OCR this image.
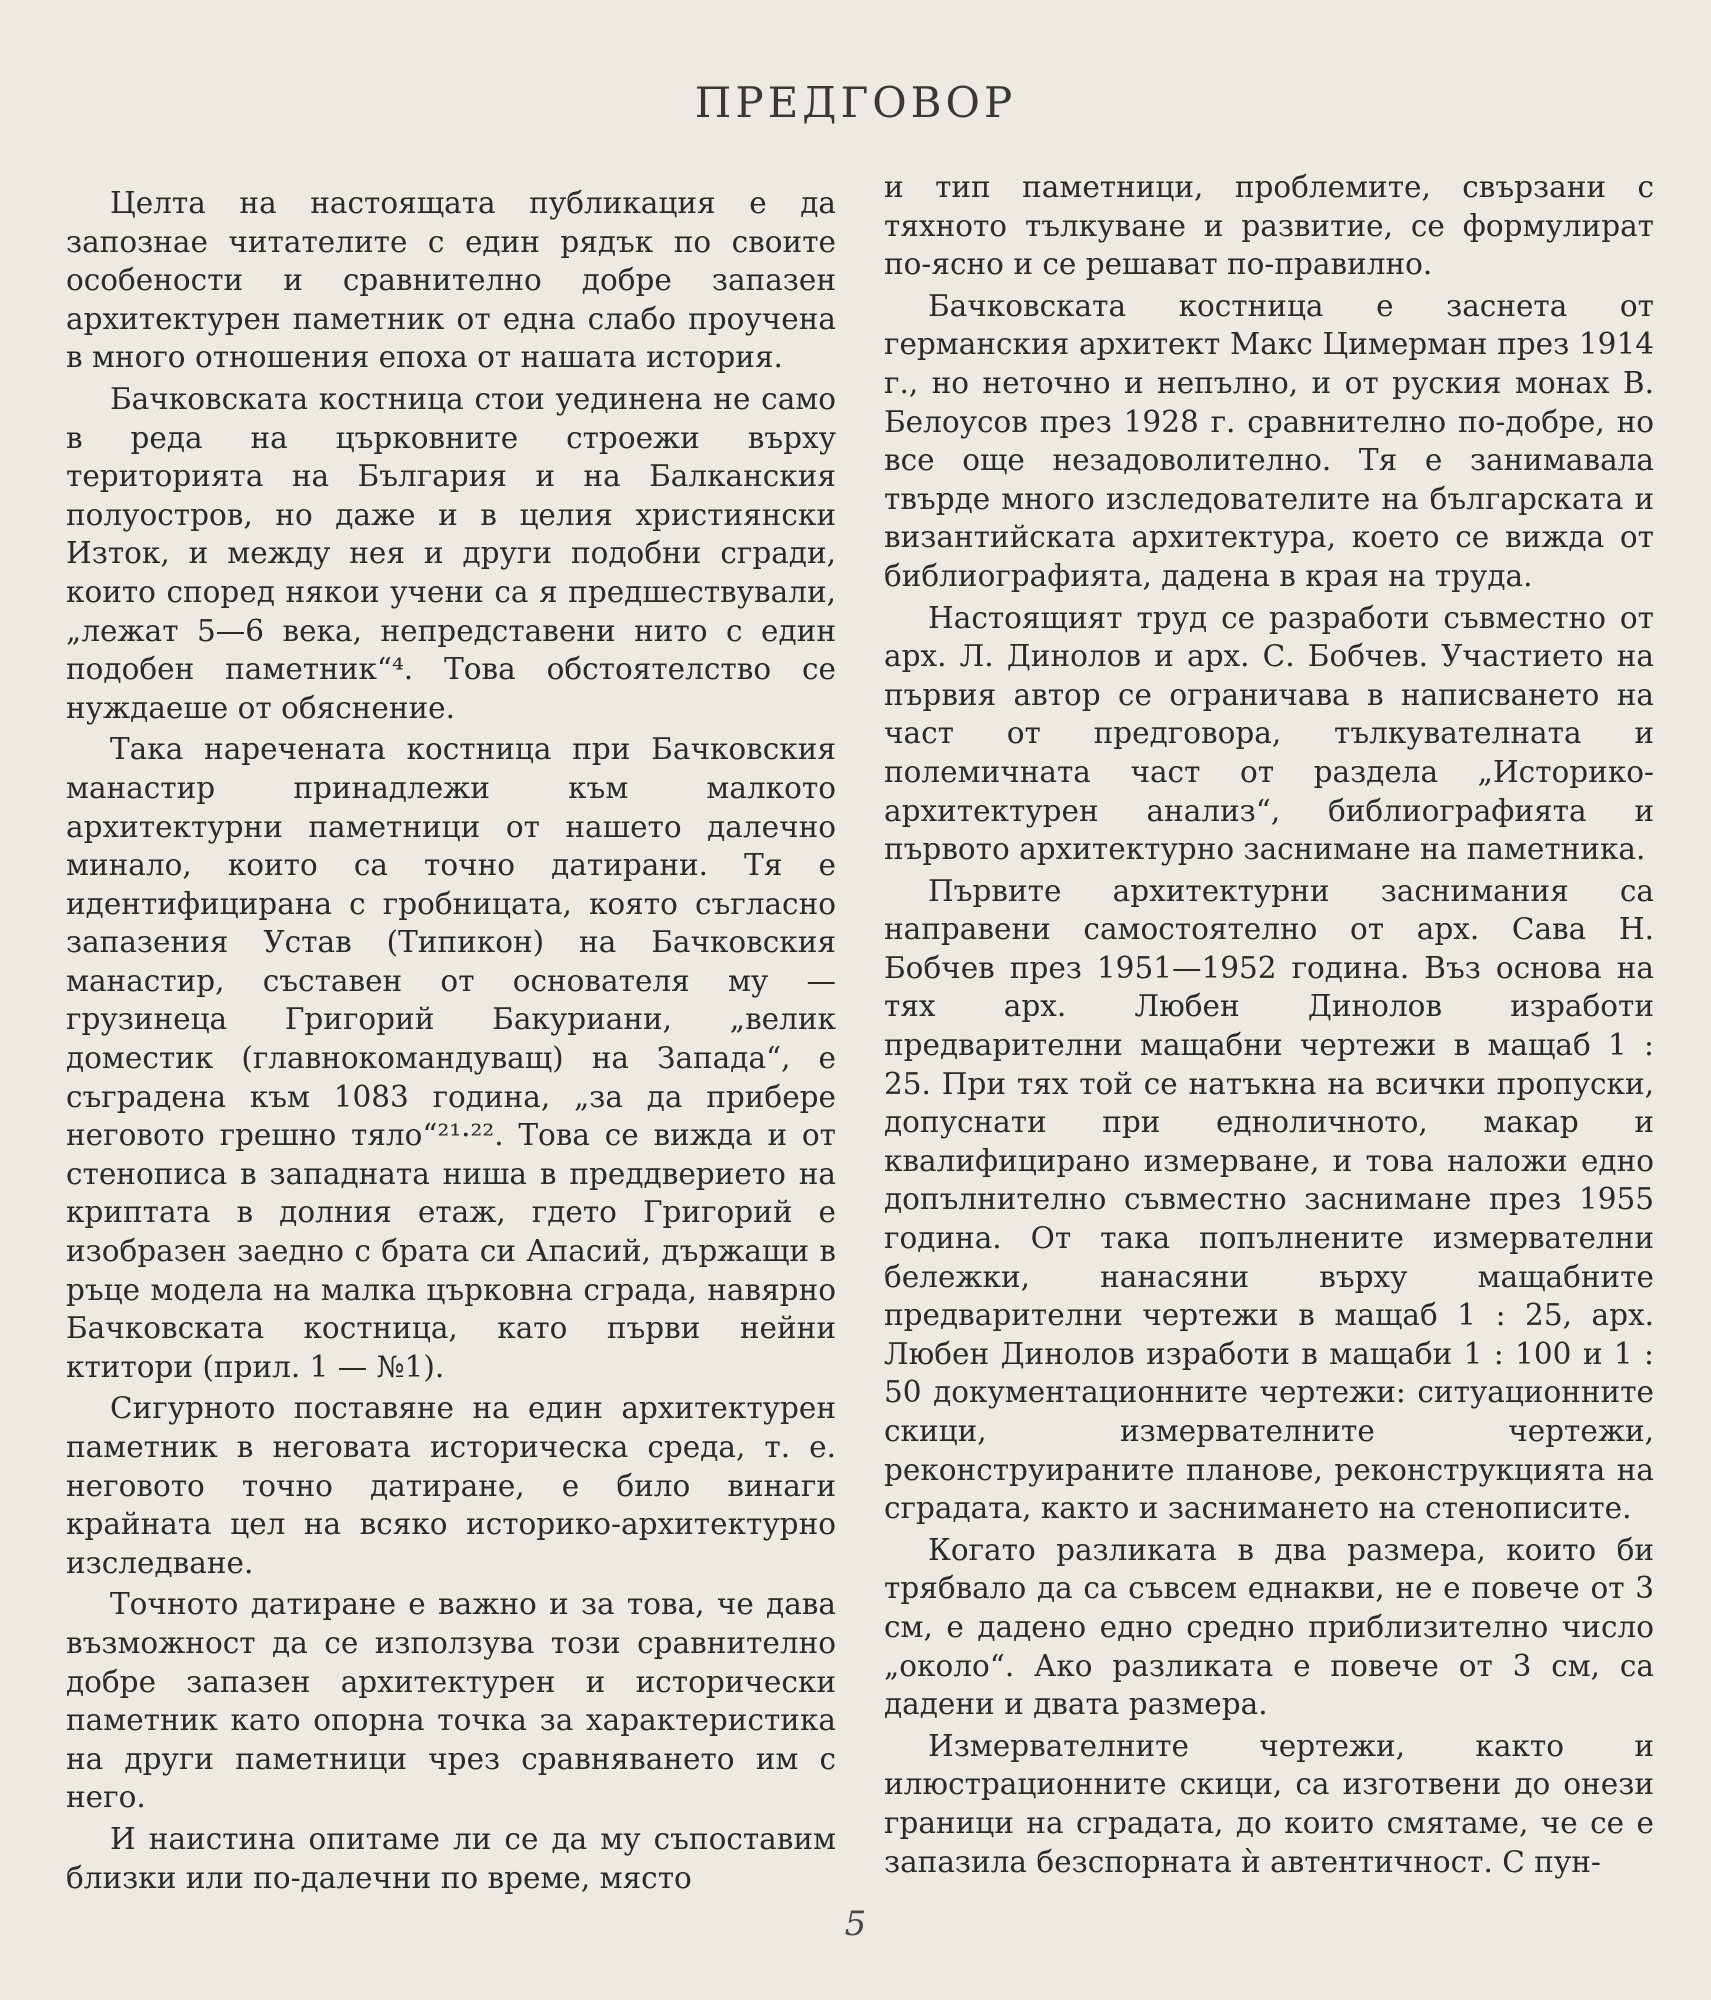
ПРЕДГОВОР

Целта на настоящата публикация е да запознае читателите с един рядък по своите особености и сравнително добре запазен архитектурен паметник от една слабо проучена в много отношения епоха от нашата история.

Бачковската костница стои уединена не само в реда на църковните строежи върху територията на България и на Балканския полуостров, но даже и в целия християнски Изток, и между нея и други подобни сгради, които според някои учени са я предшествували, „лежат 5—6 века, непредставени нито с един подобен паметник“⁴. Това обстоятелство се нуждаеше от обяснение.

Така наречената костница при Бачковския манастир принадлежи към малкото архитектурни паметници от нашето далечно минало, които са точно датирани. Тя е идентифицирана с гробницата, която съгласно запазения Устав (Типикон) на Бачковския манастир, съставен от основателя му — грузинеца Григорий Бакуриани, „велик доместик (главнокомандуващ) на Запада“, е съградена към 1083 година, „за да прибере неговото грешно тяло“²¹·²². Това се вижда и от стенописа в западната ниша в преддверието на криптата в долния етаж, гдето Григорий е изобразен заедно с брата си Апасий, държащи в ръце модела на малка църковна сграда, навярно Бачковската костница, като първи нейни ктитори (прил. 1 — №1).

Сигурното поставяне на един архитектурен паметник в неговата историческа среда, т. е. неговото точно датиране, е било винаги крайната цел на всяко историко-архитектурно изследване.

Точното датиране е важно и за това, че дава възможност да се използува този сравнително добре запазен архитектурен и исторически паметник като опорна точка за характеристика на други паметници чрез сравняването им с него.

И наистина опитаме ли се да му съпоставим близки или по-далечни по време, място

и тип паметници, проблемите, свързани с тяхното тълкуване и развитие, се формулират по-ясно и се решават по-правилно.

Бачковската костница е заснета от германския архитект Макс Цимерман през 1914 г., но неточно и непълно, и от руския монах В. Белоусов през 1928 г. сравнително по-добре, но все още незадоволително. Тя е занимавала твърде много изследователите на българската и византийската архитектура, което се вижда от библиографията, дадена в края на труда.

Настоящият труд се разработи съвместно от арх. Л. Динолов и арх. С. Бобчев. Участието на първия автор се ограничава в написването на част от предговора, тълкувателната и полемичната част от раздела „Историко-архитектурен анализ“, библиографията и първото архитектурно заснимане на паметника.

Първите архитектурни заснимания са направени самостоятелно от арх. Сава Н. Бобчев през 1951—1952 година. Въз основа на тях арх. Любен Динолов изработи предварителни мащабни чертежи в мащаб 1 : 25. При тях той се натъкна на всички пропуски, допуснати при едноличното, макар и квалифицирано измерване, и това наложи едно допълнително съвместно заснимане през 1955 година. От така попълнените измервателни бележки, нанасяни върху мащабните предварителни чертежи в мащаб 1 : 25, арх. Любен Динолов изработи в мащаби 1 : 100 и 1 : 50 документационните чертежи: ситуационните скици, измервателните чертежи, реконструираните планове, реконструкцията на сградата, както и заснимането на стенописите.

Когато разликата в два размера, които би трябвало да са съвсем еднакви, не е повече от 3 см, е дадено едно средно приблизително число „около“. Ако разликата е повече от 3 см, са дадени и двата размера.

Измервателните чертежи, както и илюстрационните скици, са изготвени до онези граници на сградата, до които смятаме, че се е запазила безспорната ѝ автентичност. С пун-

5
